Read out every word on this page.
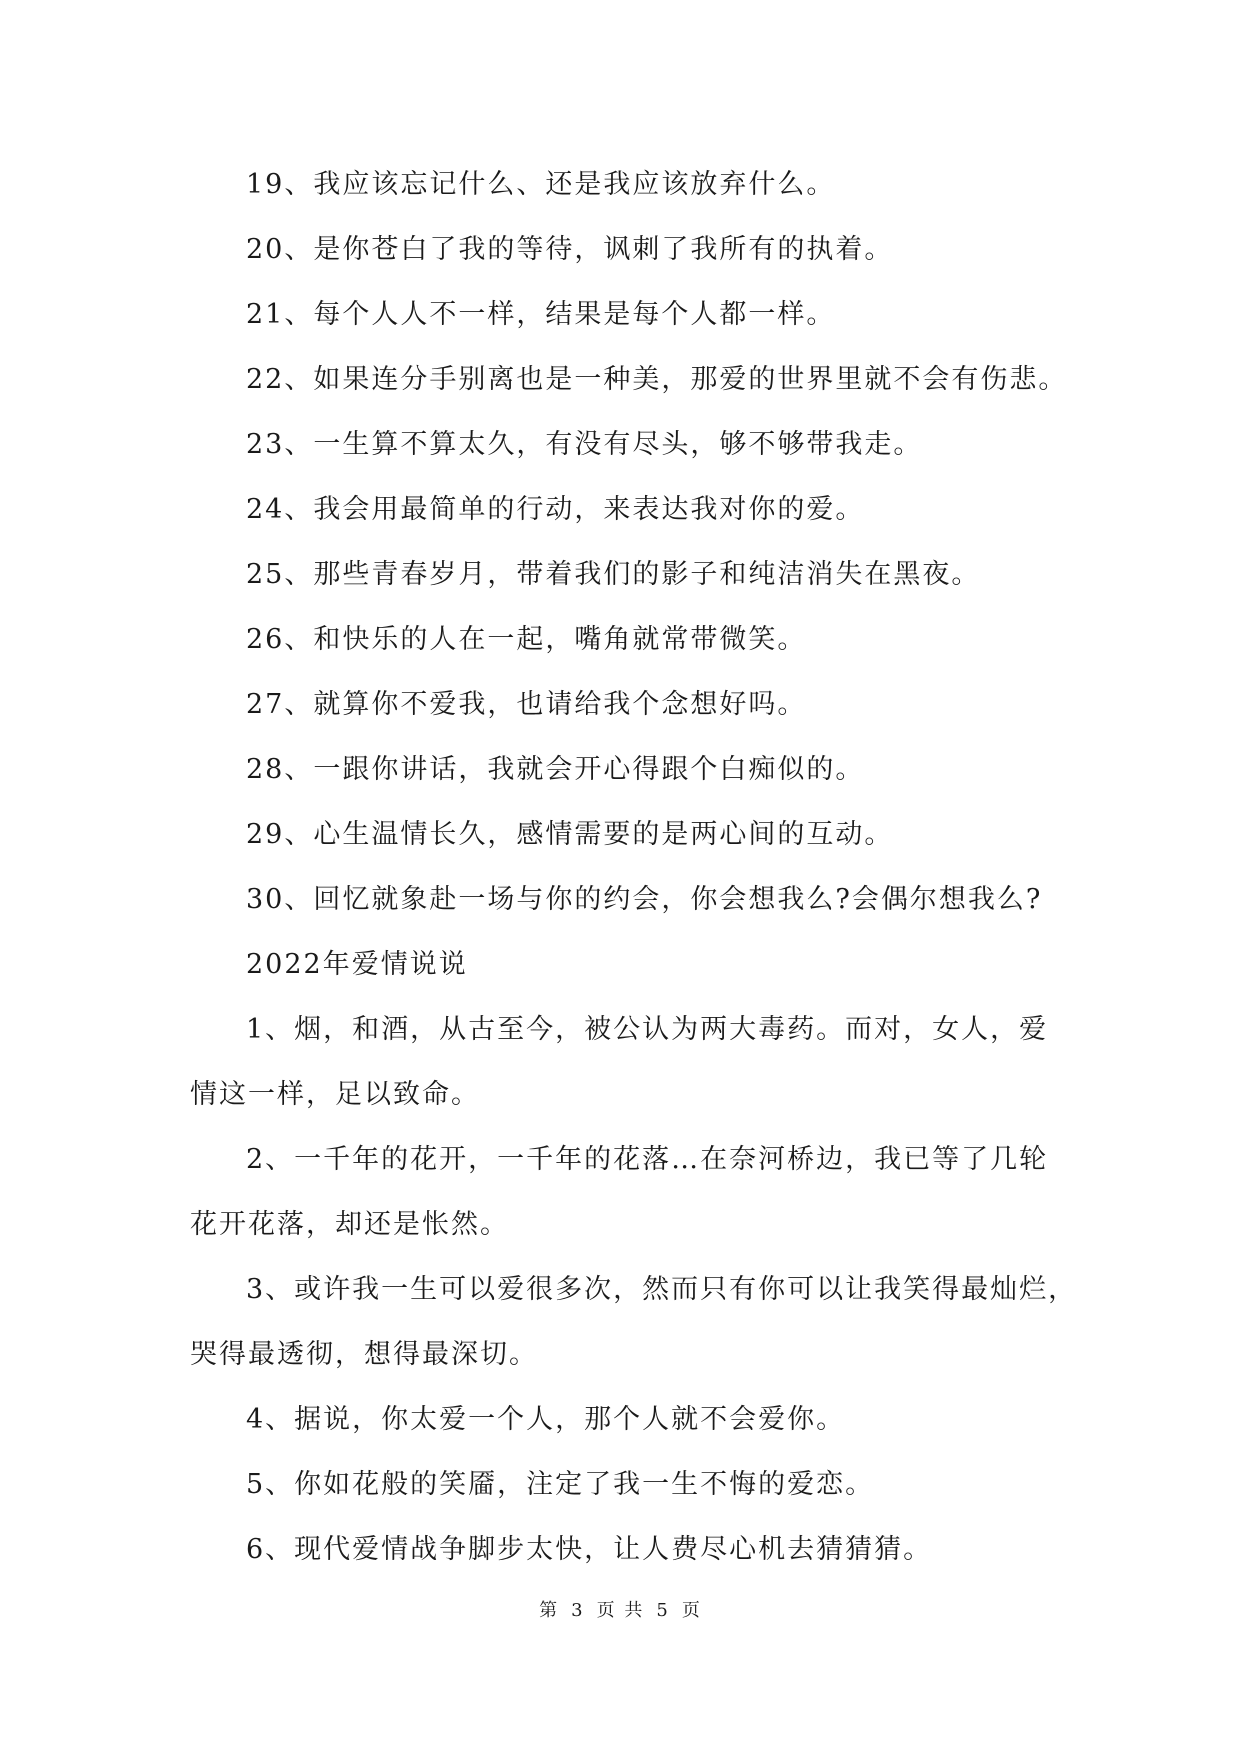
19、我应该忘记什么、还是我应该放弃什么。
20、是你苍白了我的等待，讽刺了我所有的执着。
21、每个人人不一样，结果是每个人都一样。
22、如果连分手别离也是一种美，那爱的世界里就不会有伤悲。
23、一生算不算太久，有没有尽头，够不够带我走。
24、我会用最简单的行动，来表达我对你的爱。
25、那些青春岁月，带着我们的影子和纯洁消失在黑夜。
26、和快乐的人在一起，嘴角就常带微笑。
27、就算你不爱我，也请给我个念想好吗。
28、一跟你讲话，我就会开心得跟个白痴似的。
29、心生温情长久，感情需要的是两心间的互动。
30、回忆就象赴一场与你的约会，你会想我么?会偶尔想我么?
2022年爱情说说
1、烟，和酒，从古至今，被公认为两大毒药。而对，女人，爱
情这一样，足以致命。
2、一千年的花开，一千年的花落…在奈河桥边，我已等了几轮
花开花落，却还是怅然。
3、或许我一生可以爱很多次，然而只有你可以让我笑得最灿烂，
哭得最透彻，想得最深切。
4、据说，你太爱一个人，那个人就不会爱你。
5、你如花般的笑靥，注定了我一生不悔的爱恋。
6、现代爱情战争脚步太快，让人费尽心机去猜猜猜。
第 3 页 共 5 页
